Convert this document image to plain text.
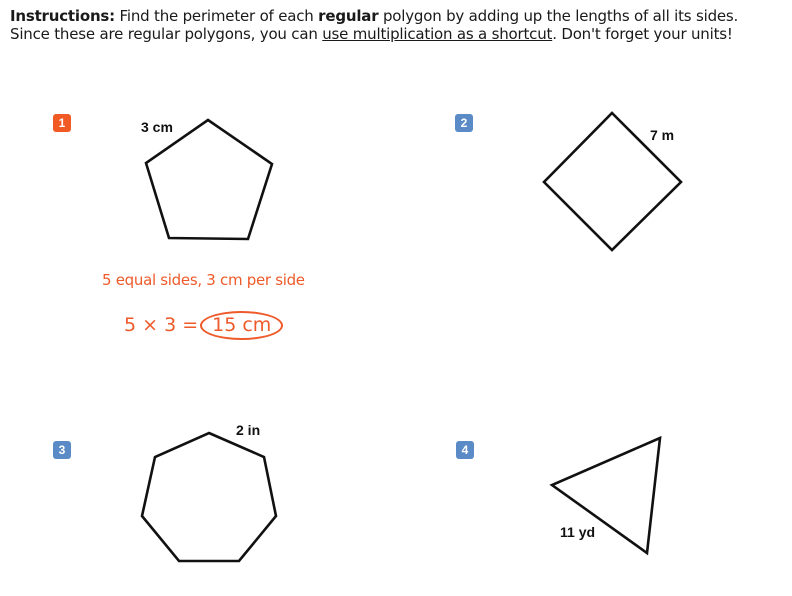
Instructions: Find the perimeter of each regular polygon by adding up the lengths of all its sides.
Since these are regular polygons, you can use multiplication as a shortcut. Don't forget your units!
1	3 cm
5 equal sides, 3 cm per side
5 × 3 = 15 cm
2
7 m
3
2 in
4
11 yd
